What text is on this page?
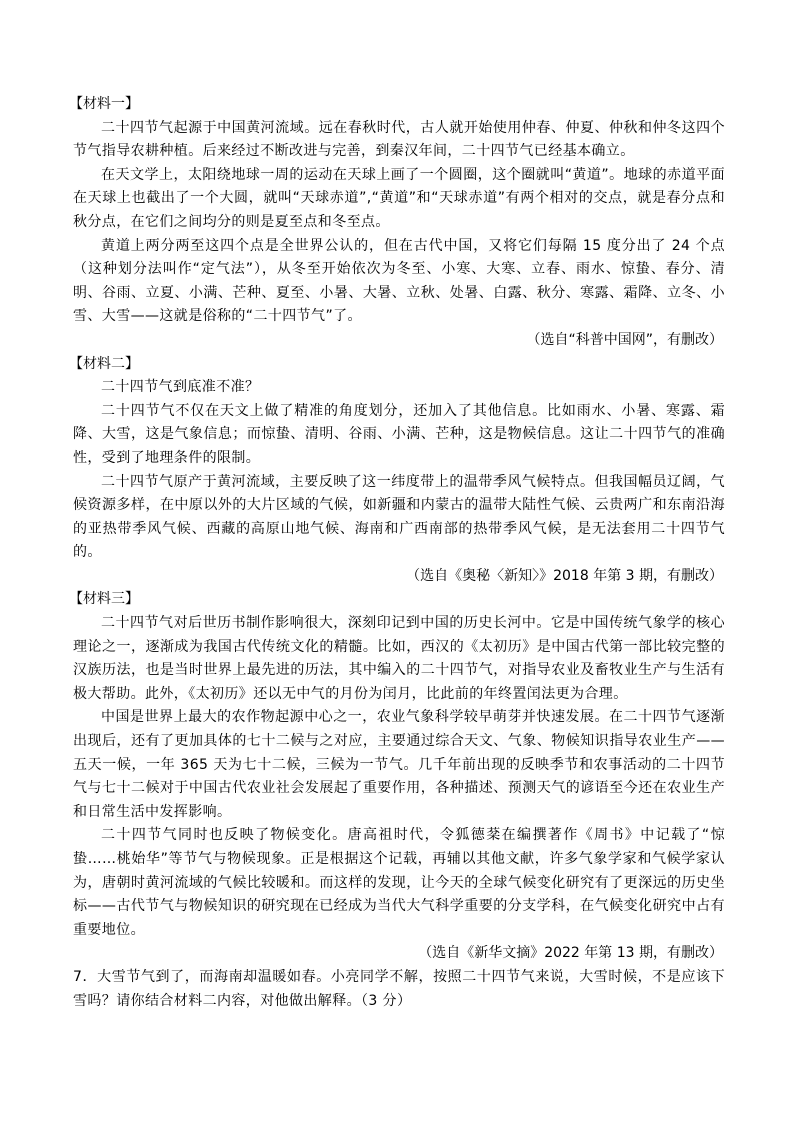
【材料一】

二十四节气起源于中国黄河流域。远在春秋时代，古人就开始使用仲春、仲夏、仲秋和仲冬这四个节气指导农耕种植。后来经过不断改进与完善，到秦汉年间，二十四节气已经基本确立。

在天文学上，太阳绕地球一周的运动在天球上画了一个圆圈，这个圈就叫“黄道”。地球的赤道平面在天球上也截出了一个大圆，就叫“天球赤道”,“黄道”和“天球赤道”有两个相对的交点，就是春分点和秋分点，在它们之间均分的则是夏至点和冬至点。

黄道上两分两至这四个点是全世界公认的，但在古代中国，又将它们每隔 15 度分出了 24 个点（这种划分法叫作“定气法”），从冬至开始依次为冬至、小寒、大寒、立春、雨水、惊蛰、春分、清明、谷雨、立夏、小满、芒种、夏至、小暑、大暑、立秋、处暑、白露、秋分、寒露、霜降、立冬、小雪、大雪——这就是俗称的“二十四节气”了。

（选自“科普中国网”，有删改）

【材料二】

二十四节气到底准不准？

二十四节气不仅在天文上做了精准的角度划分，还加入了其他信息。比如雨水、小暑、寒露、霜降、大雪，这是气象信息；而惊蛰、清明、谷雨、小满、芒种，这是物候信息。这让二十四节气的准确性，受到了地理条件的限制。

二十四节气原产于黄河流域，主要反映了这一纬度带上的温带季风气候特点。但我国幅员辽阔，气候资源多样，在中原以外的大片区域的气候，如新疆和内蒙古的温带大陆性气候、云贵两广和东南沿海的亚热带季风气候、西藏的高原山地气候、海南和广西南部的热带季风气候，是无法套用二十四节气的。

（选自《奥秘〈新知〉》2018 年第 3 期，有删改）

【材料三】

二十四节气对后世历书制作影响很大，深刻印记到中国的历史长河中。它是中国传统气象学的核心理论之一，逐渐成为我国古代传统文化的精髓。比如，西汉的《太初历》是中国古代第一部比较完整的汉族历法，也是当时世界上最先进的历法，其中编入的二十四节气，对指导农业及畜牧业生产与生活有极大帮助。此外，《太初历》还以无中气的月份为闰月，比此前的年终置闰法更为合理。

中国是世界上最大的农作物起源中心之一，农业气象科学较早萌芽并快速发展。在二十四节气逐渐出现后，还有了更加具体的七十二候与之对应，主要通过综合天文、气象、物候知识指导农业生产——五天一候，一年 365 天为七十二候，三候为一节气。几千年前出现的反映季节和农事活动的二十四节气与七十二候对于中国古代农业社会发展起了重要作用，各种描述、预测天气的谚语至今还在农业生产和日常生活中发挥影响。

二十四节气同时也反映了物候变化。唐高祖时代，令狐德棻在编撰著作《周书》中记载了“惊蛰……桃始华”等节气与物候现象。正是根据这个记载，再辅以其他文献，许多气象学家和气候学家认为，唐朝时黄河流域的气候比较暖和。而这样的发现，让今天的全球气候变化研究有了更深远的历史坐标——古代节气与物候知识的研究现在已经成为当代大气科学重要的分支学科，在气候变化研究中占有重要地位。

（选自《新华文摘》2022 年第 13 期，有删改）

7．大雪节气到了，而海南却温暖如春。小亮同学不解，按照二十四节气来说，大雪时候，不是应该下雪吗？请你结合材料二内容，对他做出解释。（3 分）
